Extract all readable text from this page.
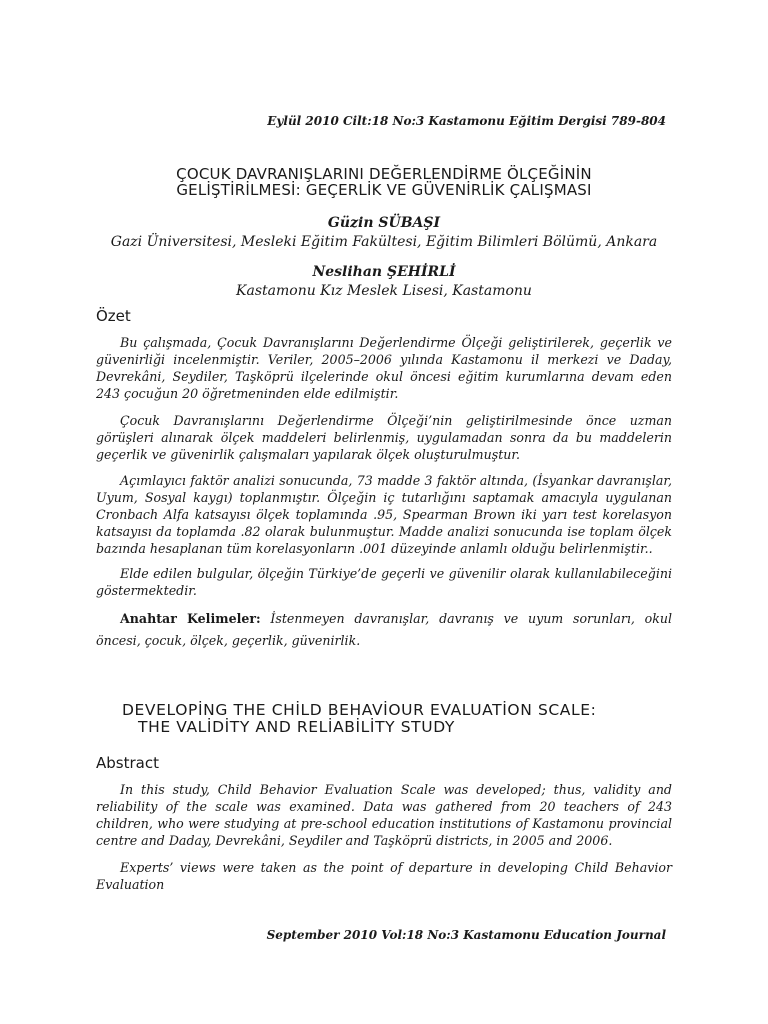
Eylül 2010 Cilt:18 No:3 Kastamonu Eğitim Dergisi 789-804
ÇOCUK DAVRANIŞLARINI DEĞERLENDİRME ÖLÇEĞİNİN
GELİŞTİRİLMESİ: GEÇERLİK VE GÜVENİRLİK ÇALIŞMASI
Güzin SÜBAŞI
Gazi Üniversitesi, Mesleki Eğitim Fakültesi, Eğitim Bilimleri Bölümü, Ankara
Neslihan ŞEHİRLİ
Kastamonu Kız Meslek Lisesi, Kastamonu
Özet
Bu çalışmada, Çocuk Davranışlarını Değerlendirme Ölçeği geliştirilerek, geçerlik ve güvenirliği incelenmiştir. Veriler, 2005–2006 yılında Kastamonu il merkezi ve Daday, Devrekâni, Seydiler, Taşköprü ilçelerinde okul öncesi eğitim kurumlarına devam eden 243 çocuğun 20 öğretmeninden elde edilmiştir.
Çocuk Davranışlarını Değerlendirme Ölçeği’nin geliştirilmesinde önce uzman görüşleri alınarak ölçek maddeleri belirlenmiş, uygulamadan sonra da bu maddelerin geçerlik ve güvenirlik çalışmaları yapılarak ölçek oluşturulmuştur.
Açımlayıcı faktör analizi sonucunda, 73 madde 3 faktör altında, (İsyankar davranışlar, Uyum, Sosyal kaygı) toplanmıştır. Ölçeğin iç tutarlığını saptamak amacıyla uygulanan Cronbach Alfa katsayısı ölçek toplamında .95, Spearman Brown iki yarı test korelasyon katsayısı da toplamda .82 olarak bulunmuştur. Madde analizi sonucunda ise toplam ölçek bazında hesaplanan tüm korelasyonların .001 düzeyinde anlamlı olduğu belirlenmiştir..
Elde edilen bulgular, ölçeğin Türkiye’de geçerli ve güvenilir olarak kullanılabileceğini göstermektedir.
Anahtar Kelimeler: İstenmeyen davranışlar, davranış ve uyum sorunları, okul öncesi, çocuk, ölçek, geçerlik, güvenirlik.
DEVELOPİNG THE CHİLD BEHAVİOUR EVALUATİON SCALE:
THE VALİDİTY AND RELİABİLİTY STUDY
Abstract
In this study, Child Behavior Evaluation Scale was developed; thus, validity and reliability of the scale was examined. Data was gathered from 20 teachers of 243 children, who were studying at pre-school education institutions of Kastamonu provincial centre and Daday, Devrekâni, Seydiler and Taşköprü districts, in 2005 and 2006.
Experts’ views were taken as the point of departure in developing Child Behavior Evaluation
September 2010 Vol:18 No:3 Kastamonu Education Journal
